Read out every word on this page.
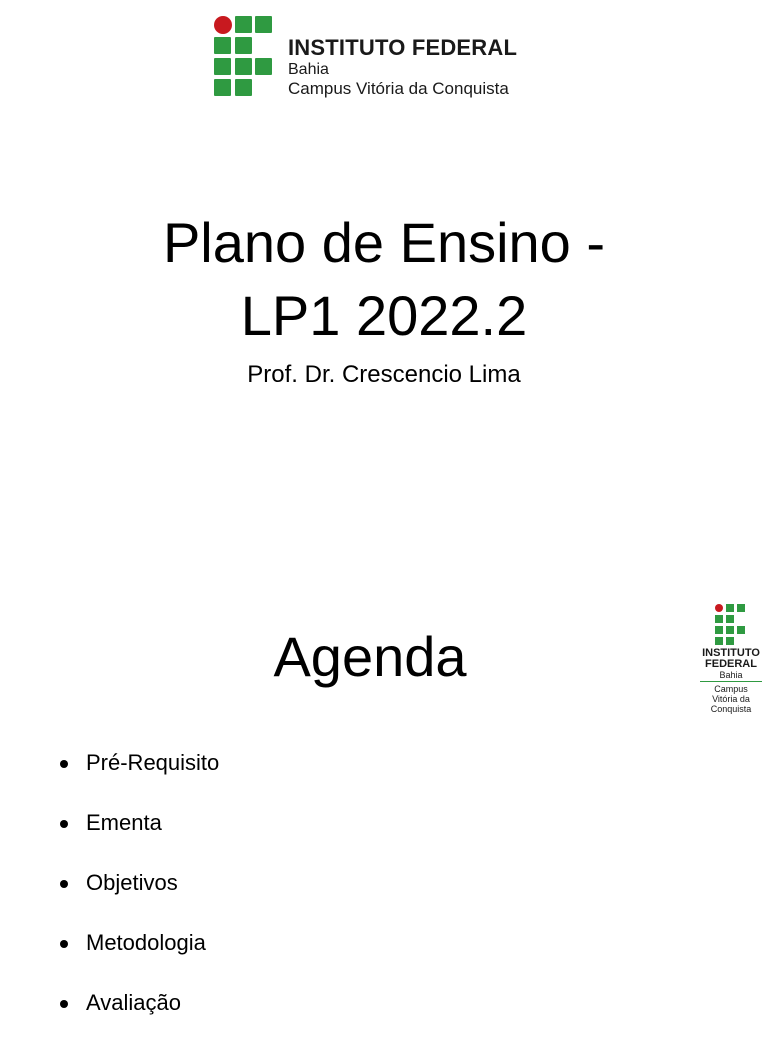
INSTITUTO FEDERAL
Bahia
Campus Vitória da Conquista
Plano de Ensino -
LP1 2022.2
Prof. Dr. Crescencio Lima
INSTITUTO
FEDERAL
Bahia
Campus
Vitória da
Conquista
Agenda
Pré-Requisito
Ementa
Objetivos
Metodologia
Avaliação
